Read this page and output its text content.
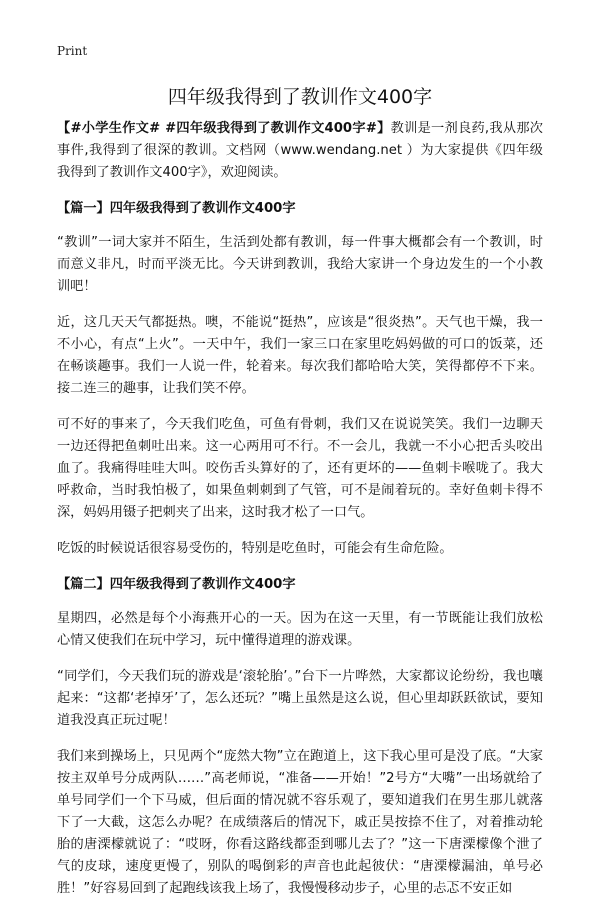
Print
四年级我得到了教训作文400字

【#小学生作文# #四年级我得到了教训作文400字#】教训是一剂良药,我从那次事件,我得到了很深的教训。文档网（www.wendang.net ）为大家提供《四年级我得到了教训作文400字》，欢迎阅读。

【篇一】四年级我得到了教训作文400字

“教训”一词大家并不陌生，生活到处都有教训，每一件事大概都会有一个教训，时而意义非凡，时而平淡无比。今天讲到教训，我给大家讲一个身边发生的一个小教训吧！

近，这几天天气都挺热。噢，不能说“挺热”，应该是“很炎热”。天气也干燥，我一不小心，有点“上火”。一天中午，我们一家三口在家里吃妈妈做的可口的饭菜，还在畅谈趣事。我们一人说一件，轮着来。每次我们都哈哈大笑，笑得都停不下来。接二连三的趣事，让我们笑不停。

可不好的事来了，今天我们吃鱼，可鱼有骨刺，我们又在说说笑笑。我们一边聊天一边还得把鱼刺吐出来。这一心两用可不行。不一会儿，我就一不小心把舌头咬出血了。我痛得哇哇大叫。咬伤舌头算好的了，还有更坏的——鱼刺卡喉咙了。我大呼救命，当时我怕极了，如果鱼刺刺到了气管，可不是闹着玩的。幸好鱼刺卡得不深，妈妈用镊子把刺夹了出来，这时我才松了一口气。

吃饭的时候说话很容易受伤的，特别是吃鱼时，可能会有生命危险。

【篇二】四年级我得到了教训作文400字

星期四，必然是每个小海燕开心的一天。因为在这一天里，有一节既能让我们放松心情又使我们在玩中学习，玩中懂得道理的游戏课。

“同学们，今天我们玩的游戏是‘滚轮胎’。”台下一片哗然，大家都议论纷纷，我也嚷起来：“这都‘老掉牙’了，怎么还玩？”嘴上虽然是这么说，但心里却跃跃欲试，要知道我没真正玩过呢！

我们来到操场上，只见两个“庞然大物”立在跑道上，这下我心里可是没了底。“大家按主双单号分成两队……”高老师说，“准备——开始！”2号方“大嘴”一出场就给了单号同学们一个下马威，但后面的情况就不容乐观了，要知道我们在男生那儿就落下了一大截，这怎么办呢？在成绩落后的情况下，戚正昊按捺不住了，对着推动轮胎的唐溧檬就说了：“哎呀，你看这路线都歪到哪儿去了？”这一下唐溧檬像个泄了气的皮球，速度更慢了，别队的喝倒彩的声音也此起彼伏：“唐溧檬漏油，单号必胜！”好容易回到了起跑线该我上场了，我慢慢移动步子，心里的忐忑不安正如
